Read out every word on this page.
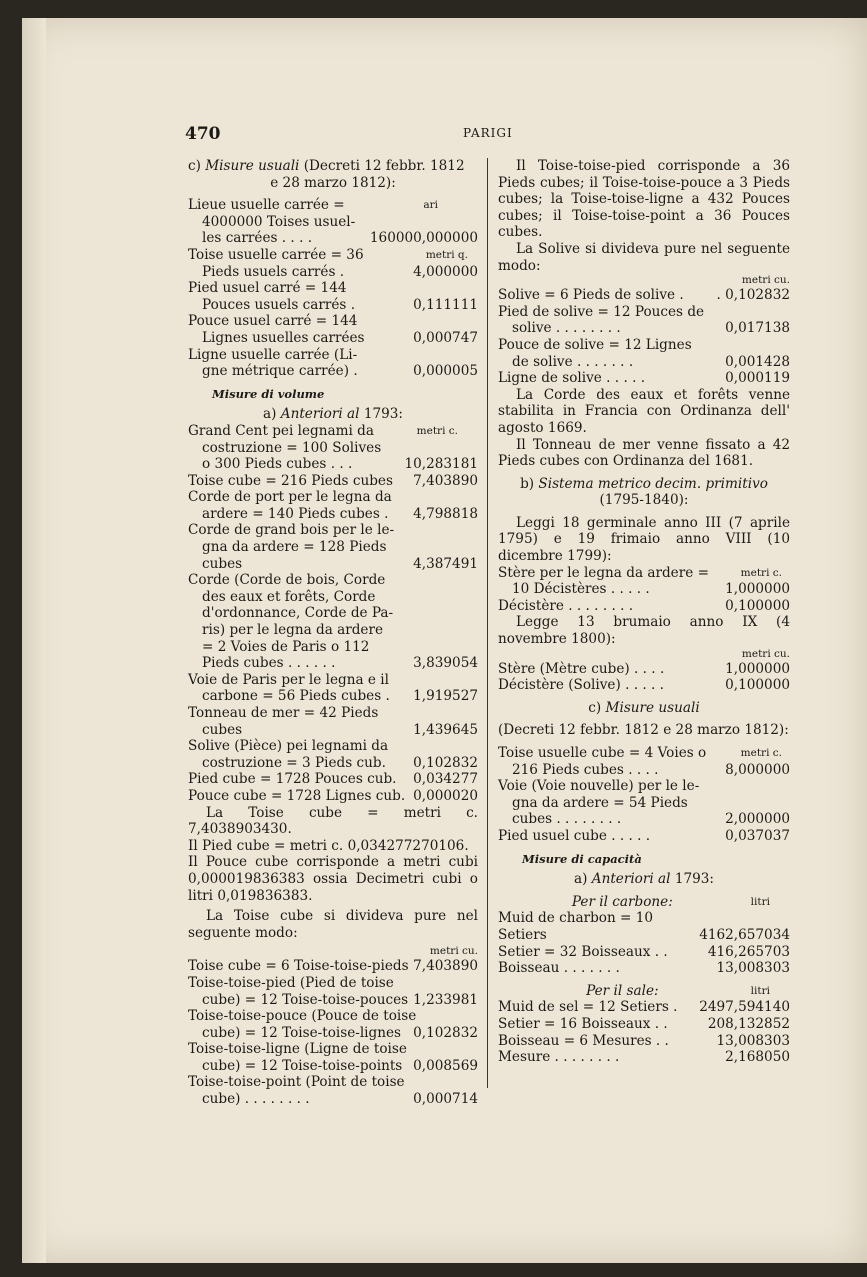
470	PARIGI
c) Misure usuali (Decreti 12 febbr. 1812
e 28 marzo 1812):
Lieue usuelle carrée =	ari
4000000 Toises usuel-
les carrées . . . .	160000,000000
Toise usuelle carrée = 36	metri q.
Pieds usuels carrés .	4,000000
Pied usuel carré = 144
Pouces usuels carrés .	0,111111
Pouce usuel carré = 144
Lignes usuelles carrées	0,000747
Ligne usuelle carrée (Li-
gne métrique carrée) .	0,000005
Misure di volume
a) Anteriori al 1793:
Grand Cent pei legnami da	metri c.
costruzione = 100 Solives
o 300 Pieds cubes . . .	10,283181
Toise cube = 216 Pieds cubes	7,403890
Corde de port per le legna da
ardere = 140 Pieds cubes .	4,798818
Corde de grand bois per le le-
gna da ardere = 128 Pieds
cubes	4,387491
Corde (Corde de bois, Corde
des eaux et forêts, Corde
d'ordonnance, Corde de Pa-
ris) per le legna da ardere
= 2 Voies de Paris o 112
Pieds cubes . . . . . .	3,839054
Voie de Paris per le legna e il
carbone = 56 Pieds cubes .	1,919527
Tonneau de mer = 42 Pieds
cubes	1,439645
Solive (Pièce) pei legnami da
costruzione = 3 Pieds cub.	0,102832
Pied cube = 1728 Pouces cub.	0,034277
Pouce cube = 1728 Lignes cub. 0,000020
La Toise cube = metri c. 7,4038903430.
Il Pied cube = metri c. 0,034277270106.
Il Pouce cube corrisponde a metri cubi 0,000019836383 ossia Decimetri cubi o litri 0,019836383.
La Toise cube si divideva pure nel seguente modo:
metri cu.
Toise cube = 6 Toise-toise-pieds 7,403890
Toise-toise-pied (Pied de toise
cube) = 12 Toise-toise-pouces 1,233981
Toise-toise-pouce (Pouce de toise
cube) = 12 Toise-toise-lignes 0,102832
Toise-toise-ligne (Ligne de toise
cube) = 12 Toise-toise-points 0,008569
Toise-toise-point (Point de toise
cube) . . . . . . . .	0,000714
Il Toise-toise-pied corrisponde a 36 Pieds cubes; il Toise-toise-pouce a 3 Pieds cubes; la Toise-toise-ligne a 432 Pouces cubes; il Toise-toise-point a 36 Pouces cubes.
La Solive si divideva pure nel seguente modo:
metri cu.
Solive = 6 Pieds de solive .	. 0,102832
Pied de solive = 12 Pouces de
solive . . . . . . . .	0,017138
Pouce de solive = 12 Lignes
de solive . . . . . . .	0,001428
Ligne de solive . . . . .	0,000119
La Corde des eaux et forêts venne stabilita in Francia con Ordinanza dell' agosto 1669.
Il Tonneau de mer venne fissato a 42 Pieds cubes con Ordinanza del 1681.
b) Sistema metrico decim. primitivo
(1795-1840):
Leggi 18 germinale anno III (7 aprile 1795) e 19 frimaio anno VIII (10 dicembre 1799):
Stère per le legna da ardere =	metri c.
10 Décistères . . . . .	1,000000
Décistère . . . . . . . .	0,100000
Legge 13 brumaio anno IX (4 novembre 1800):
metri cu.
Stère (Mètre cube) . . . .	1,000000
Décistère (Solive) . . . . .	0,100000
c) Misure usuali
(Decreti 12 febbr. 1812 e 28 marzo 1812):
Toise usuelle cube = 4 Voies o	metri c.
216 Pieds cubes . . . .	8,000000
Voie (Voie nouvelle) per le le-
gna da ardere = 54 Pieds
cubes . . . . . . . .	2,000000
Pied usuel cube . . . . .	0,037037
Misure di capacità
a) Anteriori al 1793:
Per il carbone:	litri
Muid de charbon = 10 Setiers	4162,657034
Setier = 32 Boisseaux . .	416,265703
Boisseau . . . . . . .	13,008303
Per il sale:	litri
Muid de sel = 12 Setiers .	2497,594140
Setier = 16 Boisseaux . .	208,132852
Boisseau = 6 Mesures . .	13,008303
Mesure . . . . . . . .	2,168050
